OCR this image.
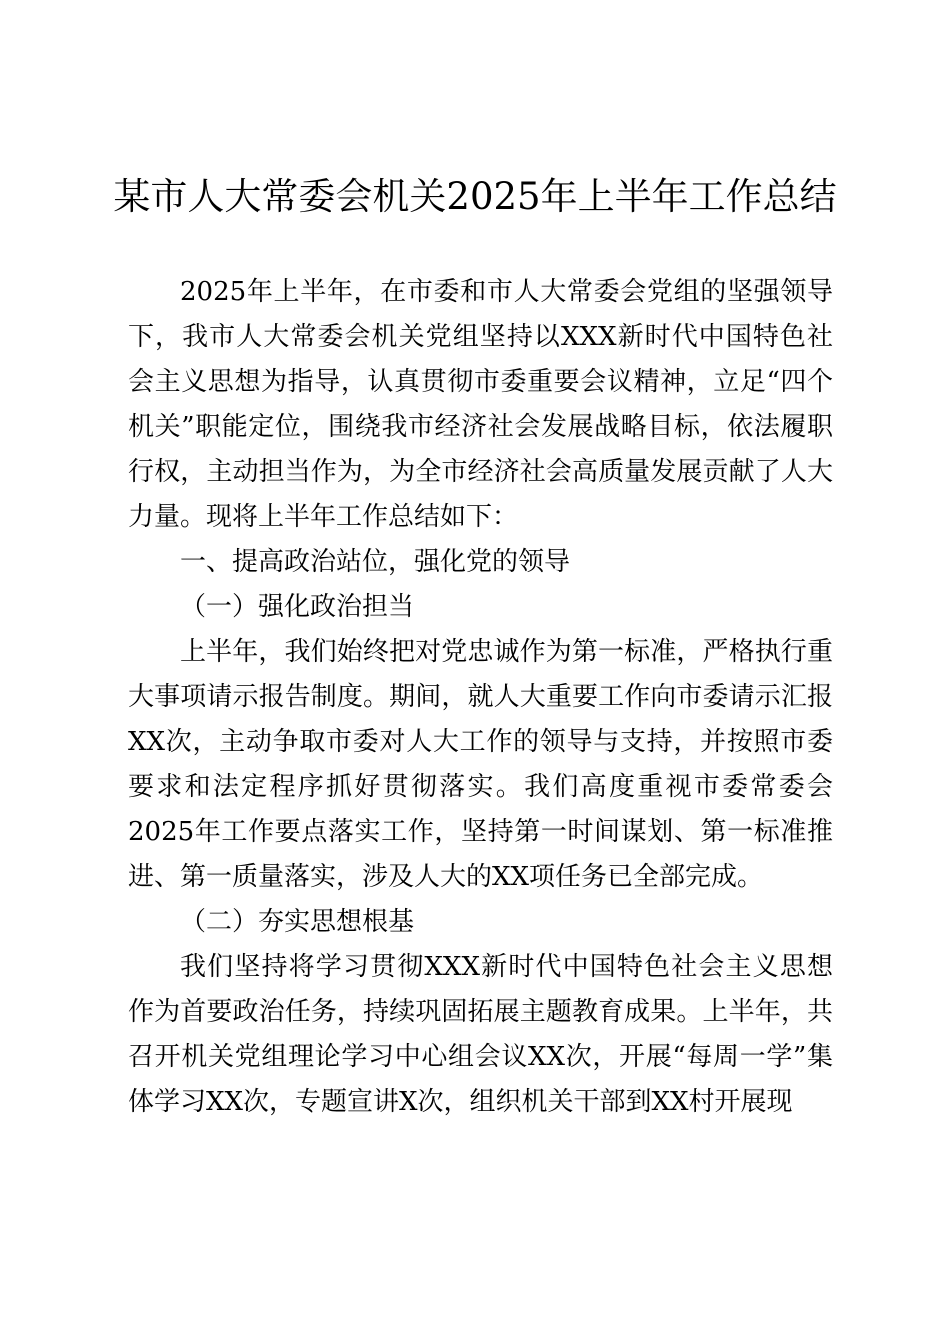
某市人大常委会机关2025年上半年工作总结

2025年上半年，在市委和市人大常委会党组的坚强领导下，我市人大常委会机关党组坚持以XXX新时代中国特色社会主义思想为指导，认真贯彻市委重要会议精神，立足“四个机关”职能定位，围绕我市经济社会发展战略目标，依法履职行权，主动担当作为，为全市经济社会高质量发展贡献了人大力量。现将上半年工作总结如下：

一、提高政治站位，强化党的领导

（一）强化政治担当

上半年，我们始终把对党忠诚作为第一标准，严格执行重大事项请示报告制度。期间，就人大重要工作向市委请示汇报XX次，主动争取市委对人大工作的领导与支持，并按照市委要求和法定程序抓好贯彻落实。我们高度重视市委常委会2025年工作要点落实工作，坚持第一时间谋划、第一标准推进、第一质量落实，涉及人大的XX项任务已全部完成。

（二）夯实思想根基

我们坚持将学习贯彻XXX新时代中国特色社会主义思想作为首要政治任务，持续巩固拓展主题教育成果。上半年，共召开机关党组理论学习中心组会议XX次，开展“每周一学”集体学习XX次，专题宣讲X次，组织机关干部到XX村开展现
